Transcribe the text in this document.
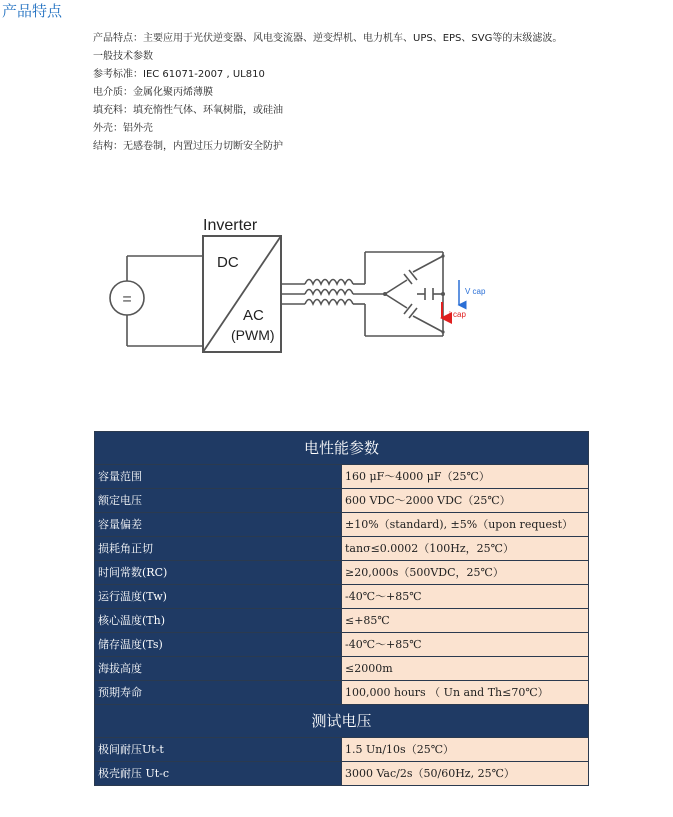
产品特点
产品特点：主要应用于光伏逆变器、风电变流器、逆变焊机、电力机车、UPS、EPS、SVG等的末级滤波。
一般技术参数
参考标准：IEC 61071-2007 , UL810
电介质：金属化聚丙烯薄膜
填充料：填充惰性气体、环氧树脂，或硅油
外壳：铝外壳
结构：无感卷制，内置过压力切断安全防护
=
Inverter
DC
AC
(PWM)
V cap
i cap
电性能参数	
容量范围	160 μF～4000 μF（25℃）
额定电压	600 VDC～2000 VDC（25℃）
容量偏差	±10%（standard), ±5%（upon request）
损耗角正切	tanσ≤0.0002（100Hz，25℃）
时间常数(RC)	≥20,000s（500VDC，25℃）
运行温度(Tw)	-40℃～+85℃
核心温度(Th)	≤+85℃
储存温度(Ts)	-40℃～+85℃
海拔高度	≤2000m
预期寿命	100,000 hours （ Un and Th≤70℃）
测试电压	
极间耐压Ut-t	1.5 Un/10s（25℃）
极壳耐压 Ut-c	3000 Vac/2s（50/60Hz, 25℃）
